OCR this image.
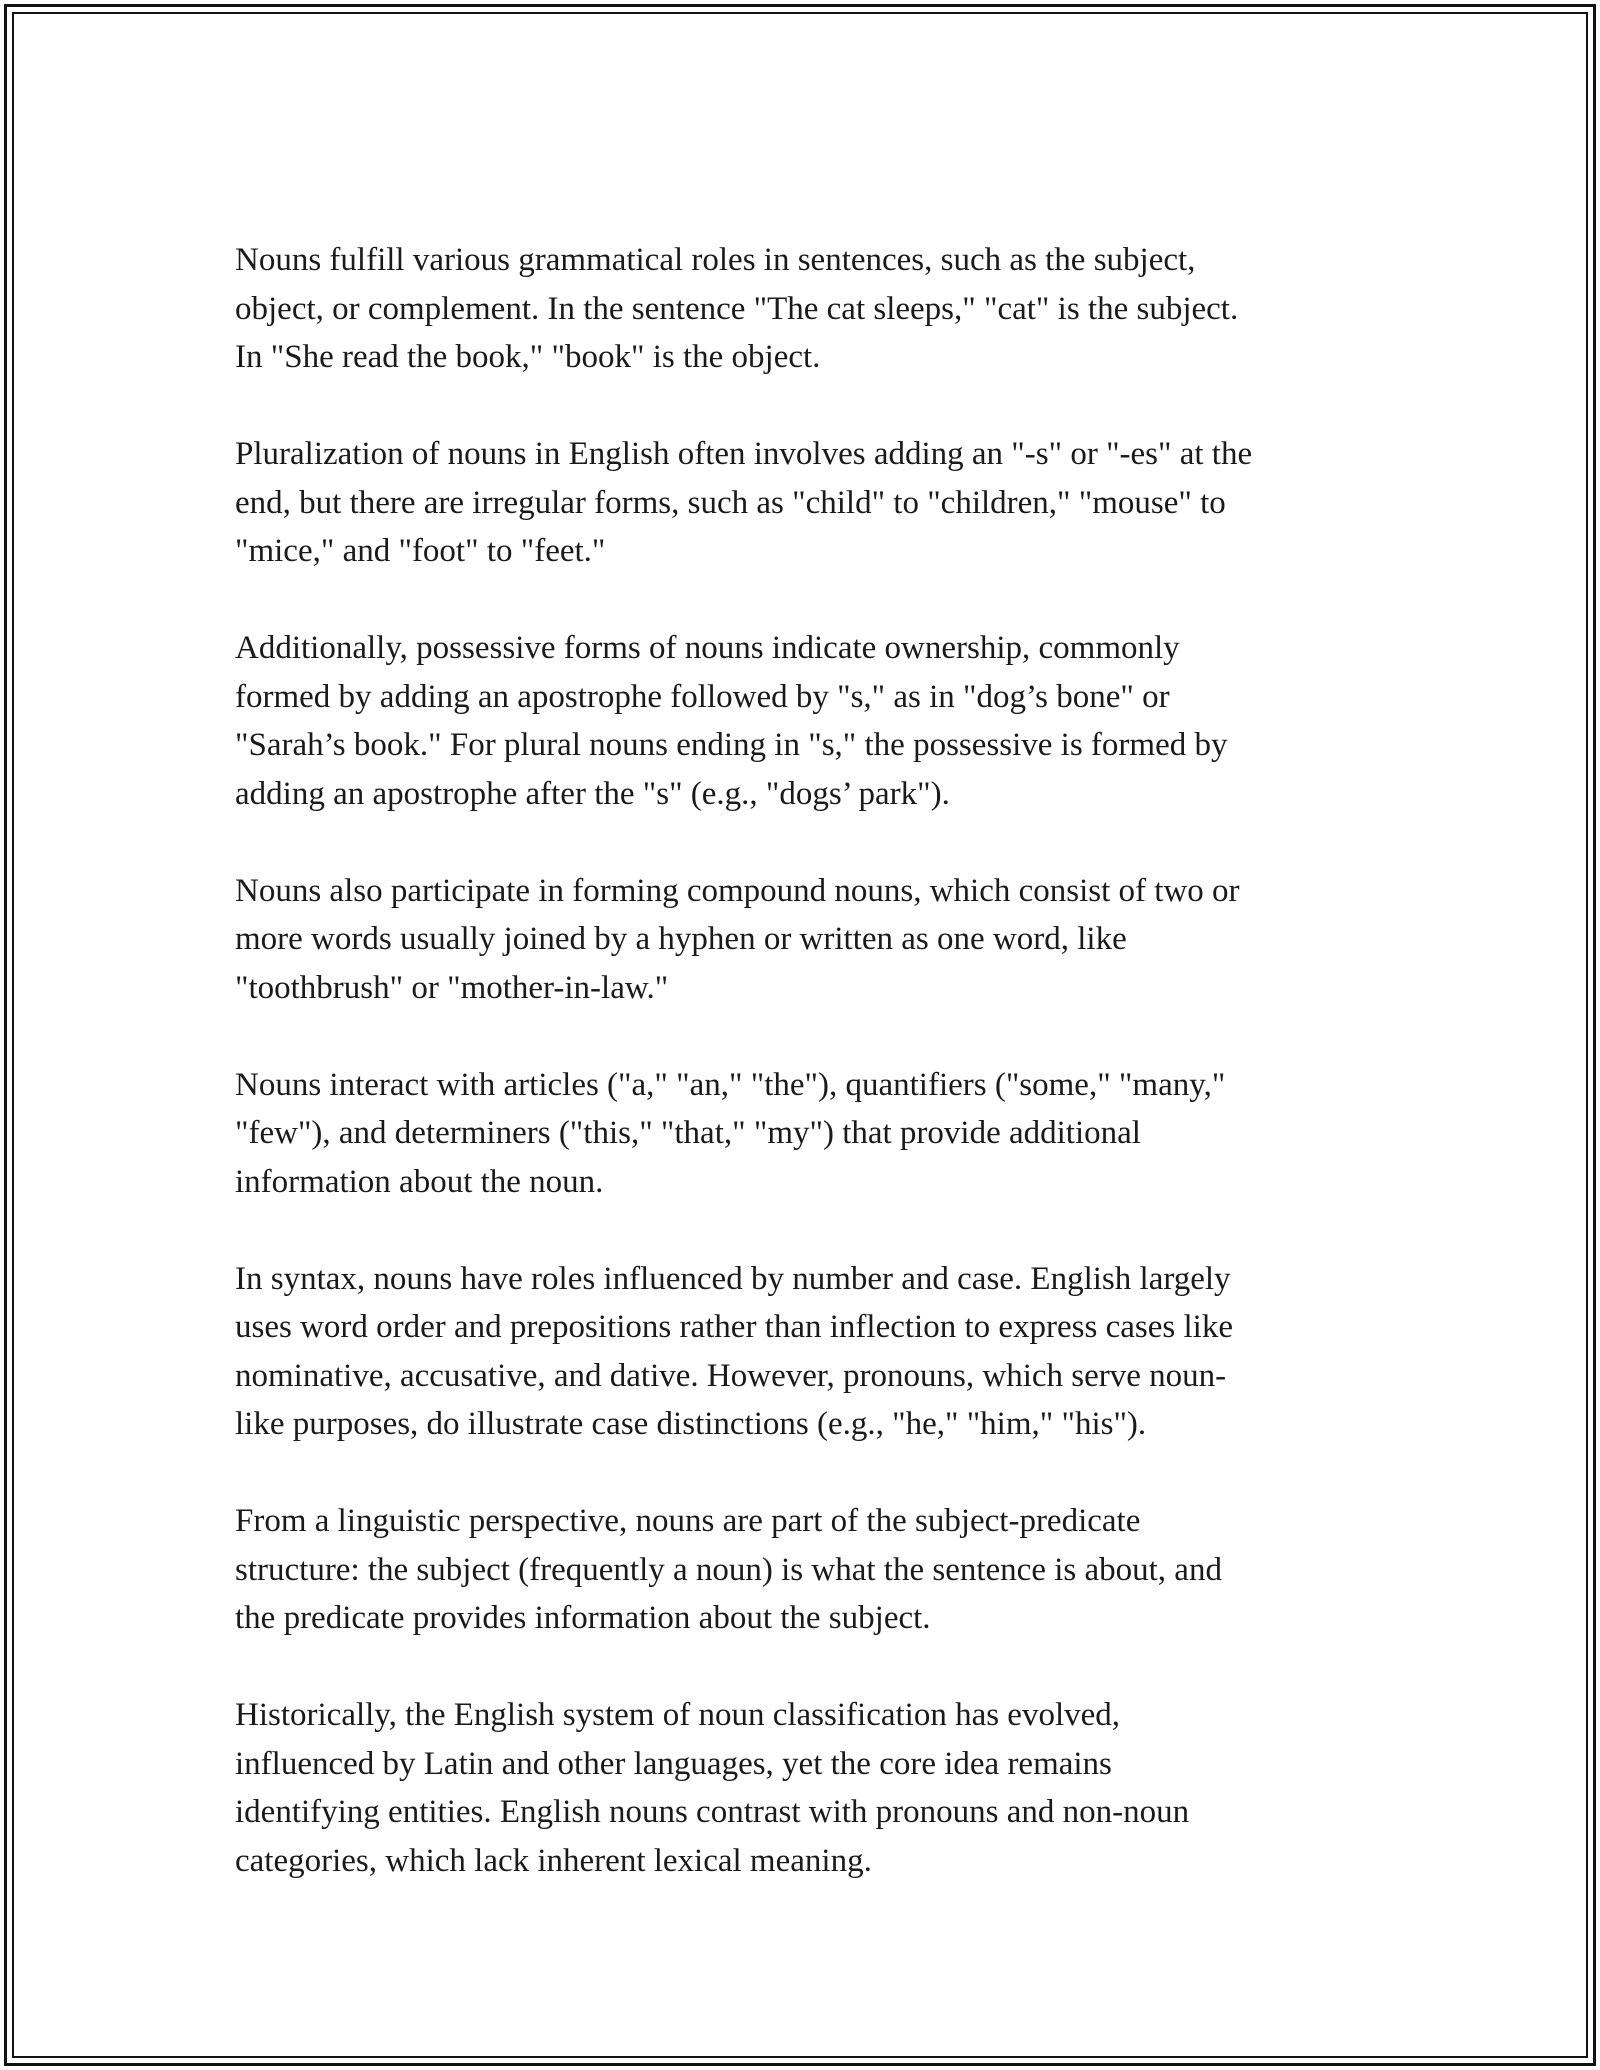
Nouns fulfill various grammatical roles in sentences, such as the subject,
object, or complement. In the sentence "The cat sleeps," "cat" is the subject.
In "She read the book," "book" is the object.

Pluralization of nouns in English often involves adding an "-s" or "-es" at the
end, but there are irregular forms, such as "child" to "children," "mouse" to
"mice," and "foot" to "feet."

Additionally, possessive forms of nouns indicate ownership, commonly
formed by adding an apostrophe followed by "s," as in "dog’s bone" or
"Sarah’s book." For plural nouns ending in "s," the possessive is formed by
adding an apostrophe after the "s" (e.g., "dogs’ park").

Nouns also participate in forming compound nouns, which consist of two or
more words usually joined by a hyphen or written as one word, like
"toothbrush" or "mother-in-law."

Nouns interact with articles ("a," "an," "the"), quantifiers ("some," "many,"
"few"), and determiners ("this," "that," "my") that provide additional
information about the noun.

In syntax, nouns have roles influenced by number and case. English largely
uses word order and prepositions rather than inflection to express cases like
nominative, accusative, and dative. However, pronouns, which serve noun-
like purposes, do illustrate case distinctions (e.g., "he," "him," "his").

From a linguistic perspective, nouns are part of the subject-predicate
structure: the subject (frequently a noun) is what the sentence is about, and
the predicate provides information about the subject.

Historically, the English system of noun classification has evolved,
influenced by Latin and other languages, yet the core idea remains
identifying entities. English nouns contrast with pronouns and non-noun
categories, which lack inherent lexical meaning.
